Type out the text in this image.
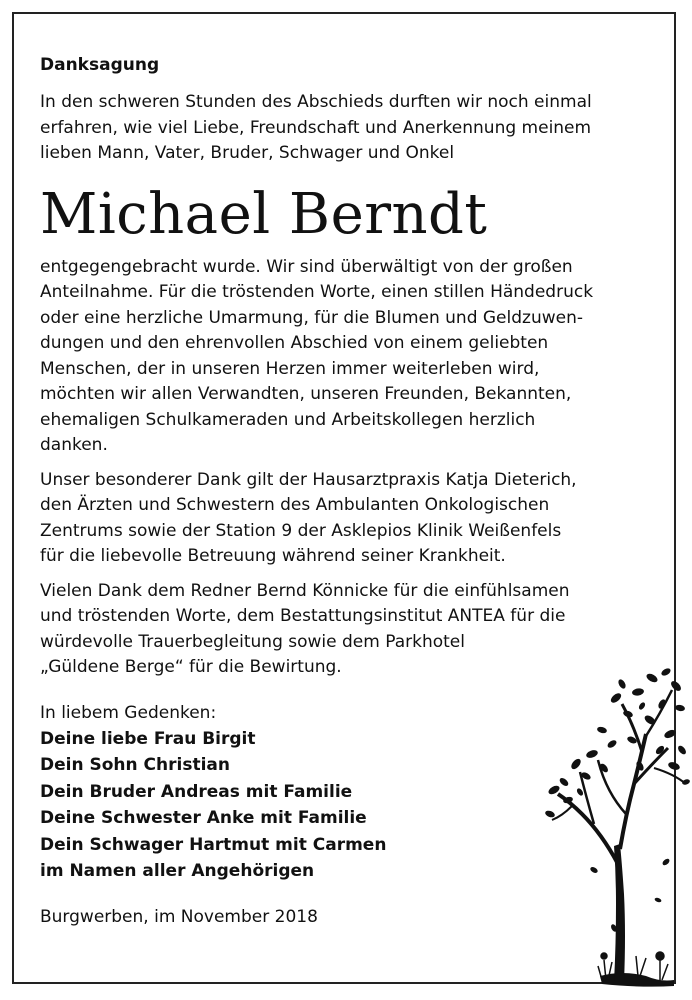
Danksagung

In den schweren Stunden des Abschieds durften wir noch einmal
erfahren, wie viel Liebe, Freundschaft und Anerkennung meinem
lieben Mann, Vater, Bruder, Schwager und Onkel

Michael Berndt

entgegengebracht wurde. Wir sind überwältigt von der großen
Anteilnahme. Für die tröstenden Worte, einen stillen Händedruck
oder eine herzliche Umarmung, für die Blumen und Geldzuwen-
dungen und den ehrenvollen Abschied von einem geliebten
Menschen, der in unseren Herzen immer weiterleben wird,
möchten wir allen Verwandten, unseren Freunden, Bekannten,
ehemaligen Schulkameraden und Arbeitskollegen herzlich
danken.

Unser besonderer Dank gilt der Hausarztpraxis Katja Dieterich,
den Ärzten und Schwestern des Ambulanten Onkologischen
Zentrums sowie der Station 9 der Asklepios Klinik Weißenfels
für die liebevolle Betreuung während seiner Krankheit.

Vielen Dank dem Redner Bernd Könnicke für die einfühlsamen
und tröstenden Worte, dem Bestattungsinstitut ANTEA für die
würdevolle Trauerbegleitung sowie dem Parkhotel
„Güldene Berge“ für die Bewirtung.

In liebem Gedenken:
Deine liebe Frau Birgit
Dein Sohn Christian
Dein Bruder Andreas mit Familie
Deine Schwester Anke mit Familie
Dein Schwager Hartmut mit Carmen
im Namen aller Angehörigen
Burgwerben, im November 2018
